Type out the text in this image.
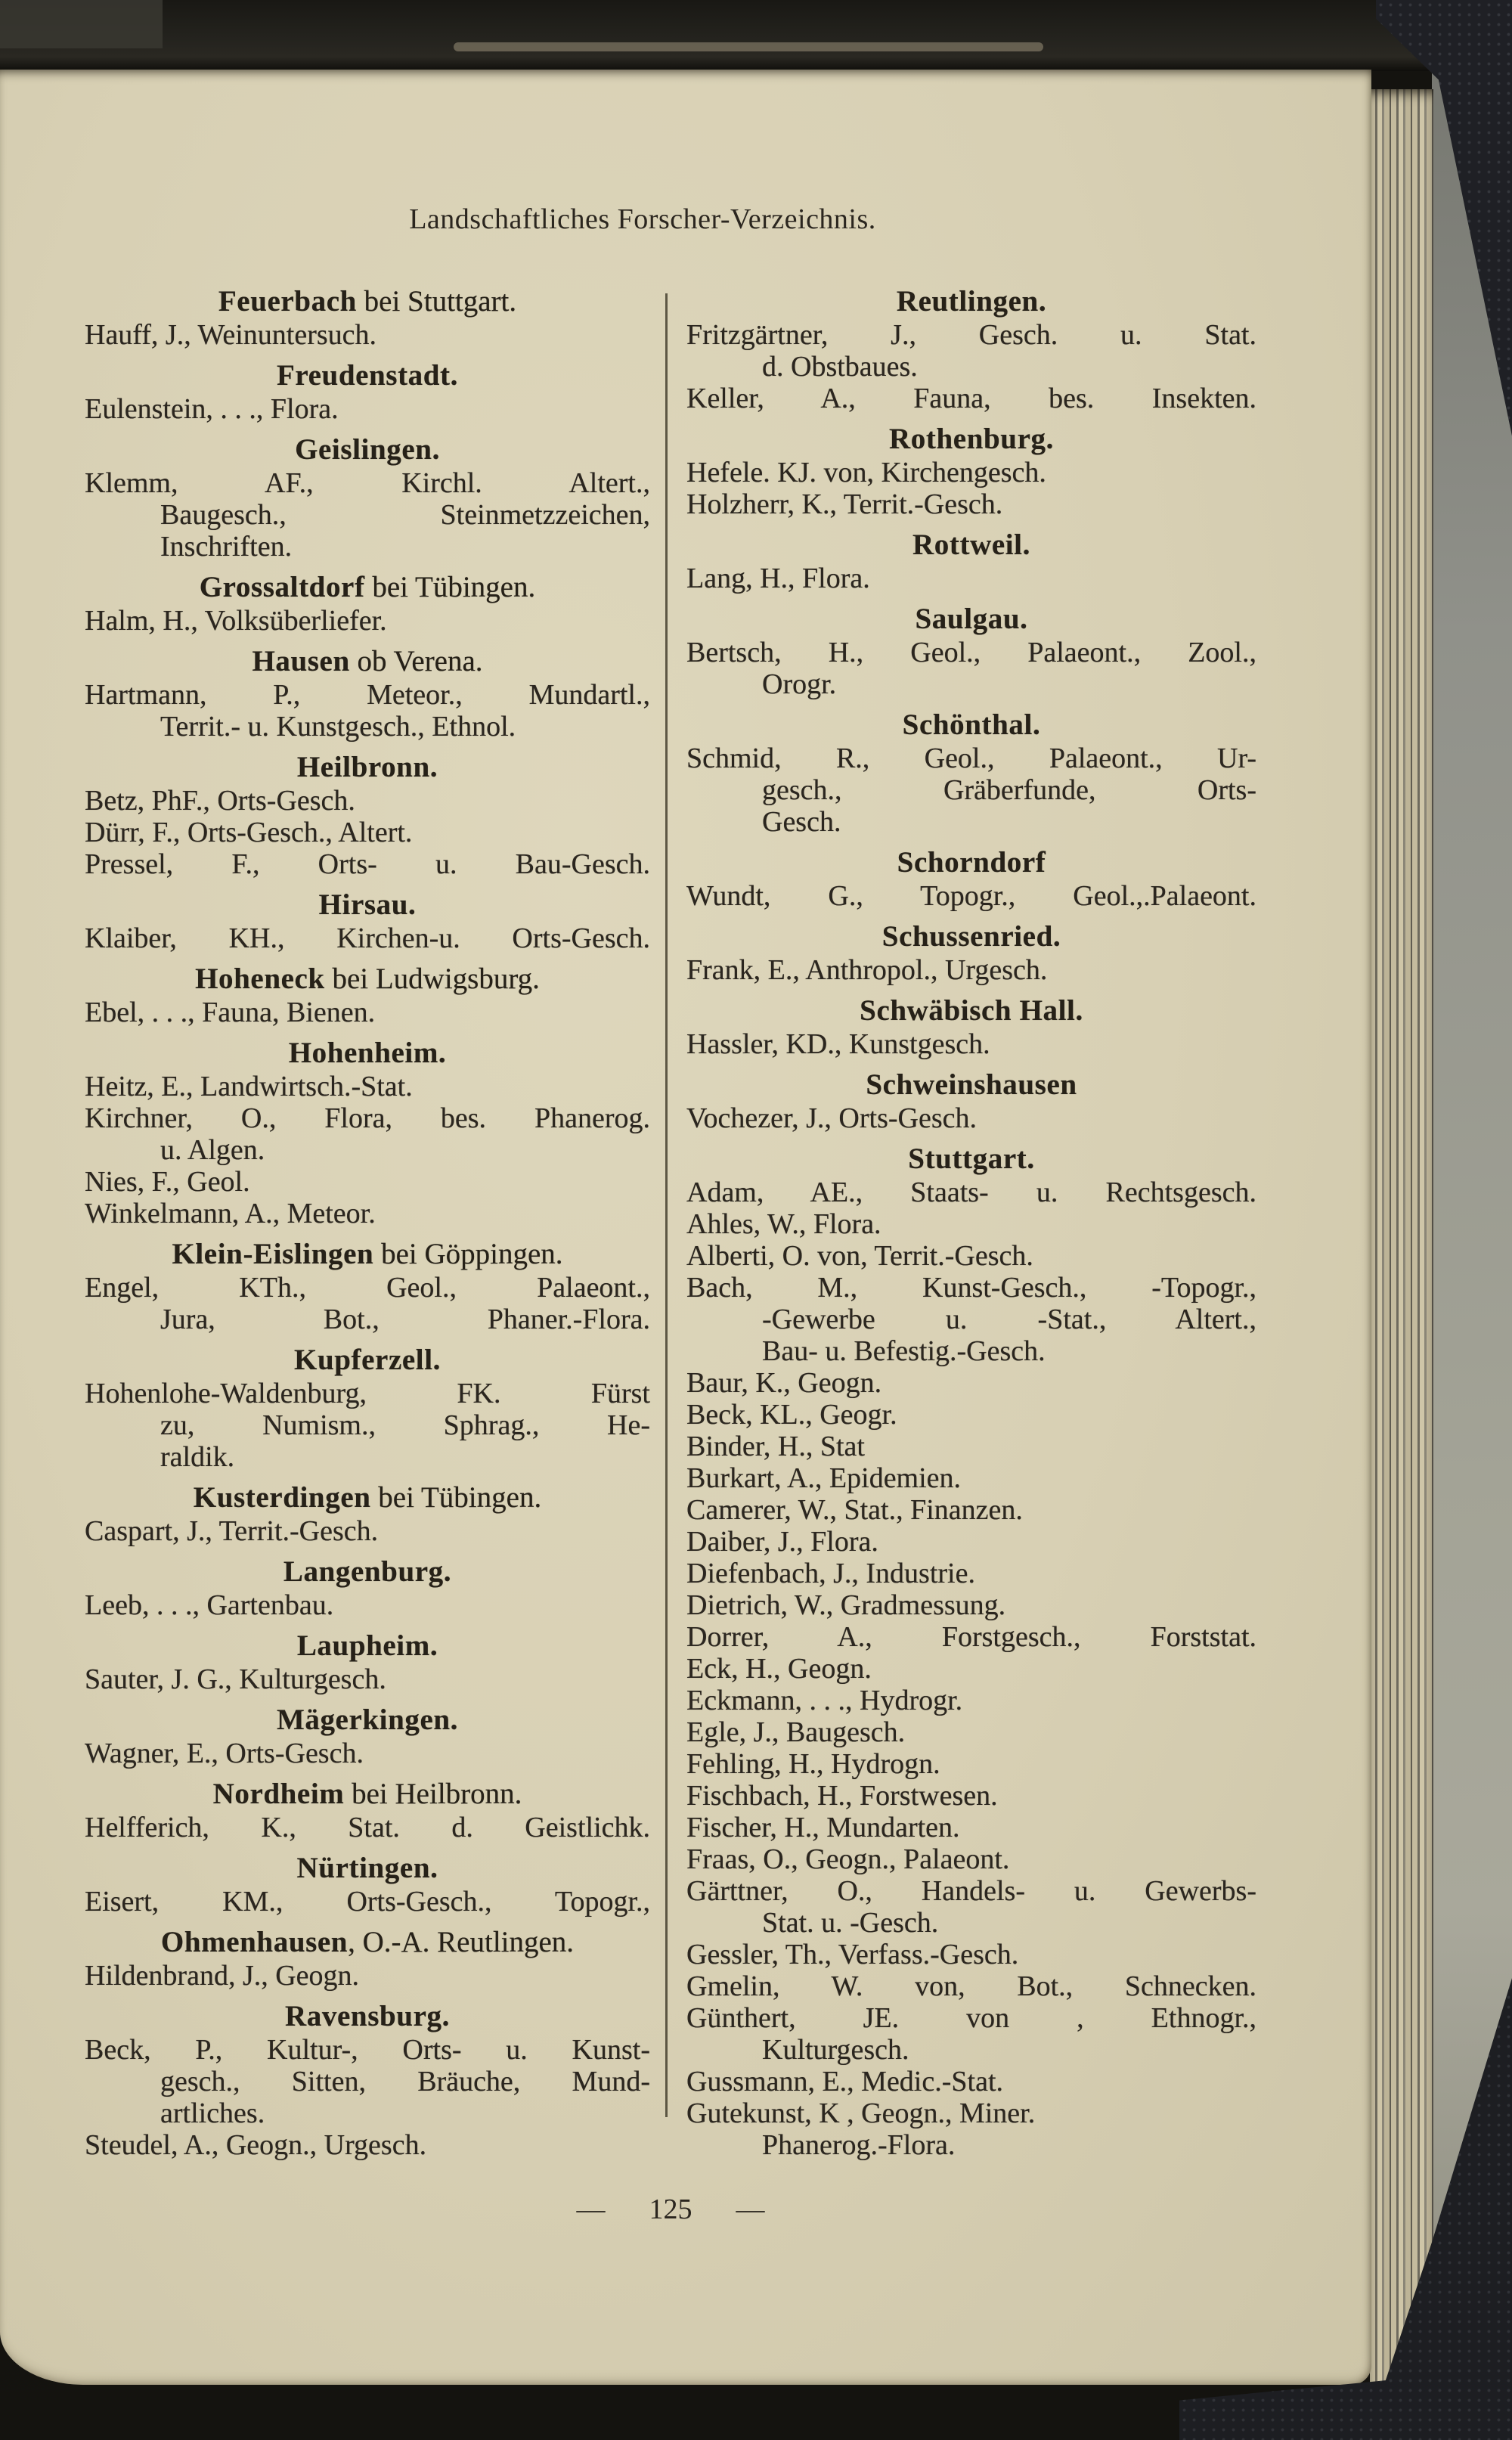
Landschaftliches Forscher-Verzeichnis.
Feuerbach bei Stuttgart.
Hauff, J., Weinuntersuch.
Freudenstadt.
Eulenstein, . . ., Flora.
Geislingen.
Klemm, AF., Kirchl. Altert.,
Baugesch., Steinmetzzeichen,
Inschriften.
Grossaltdorf bei Tübingen.
Halm, H., Volksüberliefer.
Hausen ob Verena.
Hartmann, P., Meteor., Mundartl.,
Territ.- u. Kunstgesch., Ethnol.
Heilbronn.
Betz, PhF., Orts-Gesch.
Dürr, F., Orts-Gesch., Altert.
Pressel, F., Orts- u. Bau-Gesch.
Hirsau.
Klaiber, KH., Kirchen-u. Orts-Gesch.
Hoheneck bei Ludwigsburg.
Ebel, . . ., Fauna, Bienen.
Hohenheim.
Heitz, E., Landwirtsch.-Stat.
Kirchner, O., Flora, bes. Phanerog.
u. Algen.
Nies, F., Geol.
Winkelmann, A., Meteor.
Klein-Eislingen bei Göppingen.
Engel, KTh., Geol., Palaeont.,
Jura, Bot., Phaner.-Flora.
Kupferzell.
Hohenlohe-Waldenburg, FK. Fürst
zu, Numism., Sphrag., He-
raldik.
Kusterdingen bei Tübingen.
Caspart, J., Territ.-Gesch.
Langenburg.
Leeb, . . ., Gartenbau.
Laupheim.
Sauter, J. G., Kulturgesch.
Mägerkingen.
Wagner, E., Orts-Gesch.
Nordheim bei Heilbronn.
Helfferich, K., Stat. d. Geistlichk.
Nürtingen.
Eisert, KM., Orts-Gesch., Topogr.,
Ohmenhausen, O.-A. Reutlingen.
Hildenbrand, J., Geogn.
Ravensburg.
Beck, P., Kultur-, Orts- u. Kunst-
gesch., Sitten, Bräuche, Mund-
artliches.
Steudel, A., Geogn., Urgesch.
Reutlingen.
Fritzgärtner, J., Gesch. u. Stat.
d. Obstbaues.
Keller, A., Fauna, bes. Insekten.
Rothenburg.
Hefele. KJ. von, Kirchengesch.
Holzherr, K., Territ.-Gesch.
Rottweil.
Lang, H., Flora.
Saulgau.
Bertsch, H., Geol., Palaeont., Zool.,
Orogr.
Schönthal.
Schmid, R., Geol., Palaeont., Ur-
gesch., Gräberfunde, Orts-
Gesch.
Schorndorf
Wundt, G., Topogr., Geol.,.Palaeont.
Schussenried.
Frank, E., Anthropol., Urgesch.
Schwäbisch Hall.
Hassler, KD., Kunstgesch.
Schweinshausen
Vochezer, J., Orts-Gesch.
Stuttgart.
Adam, AE., Staats- u. Rechtsgesch.
Ahles, W., Flora.
Alberti, O. von, Territ.-Gesch.
Bach, M., Kunst-Gesch., -Topogr.,
-Gewerbe u. -Stat., Altert.,
Bau- u. Befestig.-Gesch.
Baur, K., Geogn.
Beck, KL., Geogr.
Binder, H., Stat
Burkart, A., Epidemien.
Camerer, W., Stat., Finanzen.
Daiber, J., Flora.
Diefenbach, J., Industrie.
Dietrich, W., Gradmessung.
Dorrer, A., Forstgesch., Forststat.
Eck, H., Geogn.
Eckmann, . . ., Hydrogr.
Egle, J., Baugesch.
Fehling, H., Hydrogn.
Fischbach, H., Forstwesen.
Fischer, H., Mundarten.
Fraas, O., Geogn., Palaeont.
Gärttner, O., Handels- u. Gewerbs-
Stat. u. -Gesch.
Gessler, Th., Verfass.-Gesch.
Gmelin, W. von, Bot., Schnecken.
Günthert, JE. von , Ethnogr.,
Kulturgesch.
Gussmann, E., Medic.-Stat.
Gutekunst, K , Geogn., Miner.
Phanerog.-Flora.
— 125 —
